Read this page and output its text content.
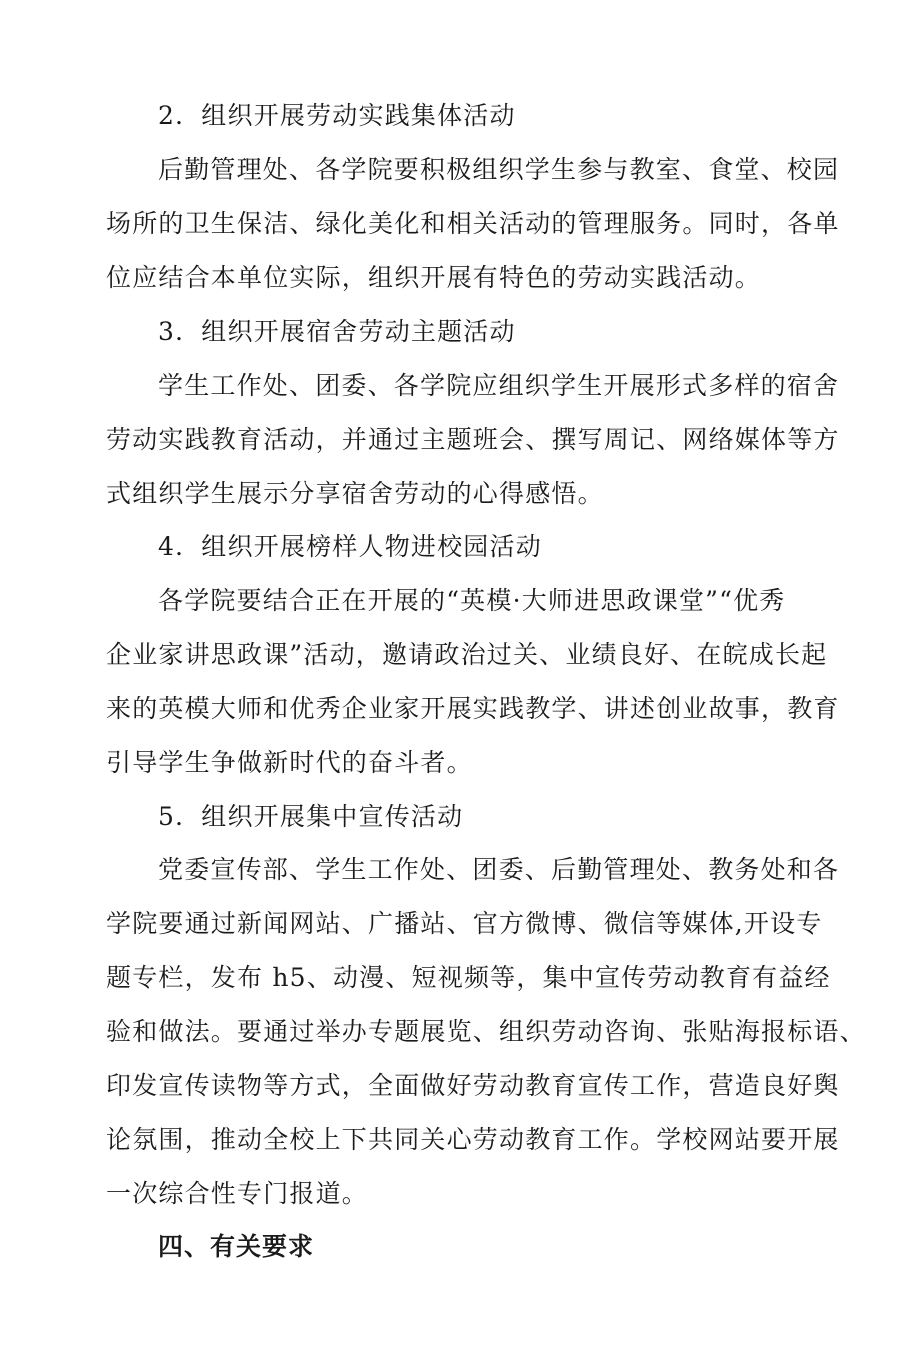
2．组织开展劳动实践集体活动
后勤管理处、各学院要积极组织学生参与教室、食堂、校园
场所的卫生保洁、绿化美化和相关活动的管理服务。同时，各单
位应结合本单位实际，组织开展有特色的劳动实践活动。
3．组织开展宿舍劳动主题活动
学生工作处、团委、各学院应组织学生开展形式多样的宿舍
劳动实践教育活动，并通过主题班会、撰写周记、网络媒体等方
式组织学生展示分享宿舍劳动的心得感悟。
4．组织开展榜样人物进校园活动
各学院要结合正在开展的“英模·大师进思政课堂”“优秀
企业家讲思政课”活动，邀请政治过关、业绩良好、在皖成长起
来的英模大师和优秀企业家开展实践教学、讲述创业故事，教育
引导学生争做新时代的奋斗者。
5．组织开展集中宣传活动
党委宣传部、学生工作处、团委、后勤管理处、教务处和各
学院要通过新闻网站、广播站、官方微博、微信等媒体,开设专
题专栏，发布 h5、动漫、短视频等，集中宣传劳动教育有益经
验和做法。要通过举办专题展览、组织劳动咨询、张贴海报标语、
印发宣传读物等方式，全面做好劳动教育宣传工作，营造良好舆
论氛围，推动全校上下共同关心劳动教育工作。学校网站要开展
一次综合性专门报道。
四、有关要求
